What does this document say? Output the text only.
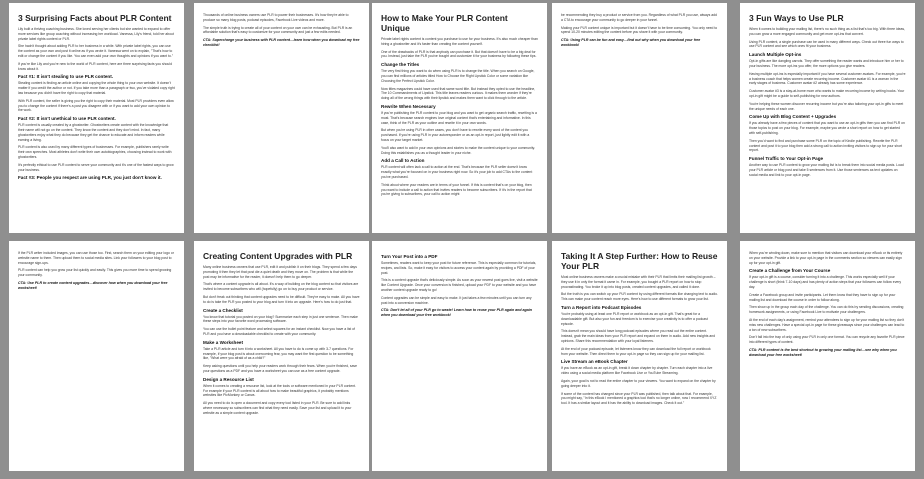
3 Surprising Facts about PLR Content
Lily built a thriving coaching business. She loved serving her clients but she wanted to expand to offer more services like group coaching without increasing her workload. Vanessa, Lily's friend, told her about private label rights content or PLR.
She hadn't thought about adding PLR to her business in a while. With private label rights, you can use the content as your own and post it online as if you wrote it. Vanessa went on to explain, "That's how to edit or change the content if you like. You can even add your own thoughts and opinions if you want to."
If you're like Lily and you're new to the world of PLR content, here are three surprising facts you should know about it.
Fact #1: It isn't stealing to use PLR content.
Stealing content is finding an article online and copying the whole thing to your own website. It doesn't matter if you credit the author or not. If you take more than a paragraph or two, you've violated copy right law because you didn't have the right to copy that material.
With PLR content, the seller is giving you the right to copy their material. Most PLR providers even allow you to change the content if there's a post you disagree with or if you want to add your own opinion to the work.
Fact #2: It isn't unethical to use PLR content.
PLR content is usually created by a ghostwriter. Ghostwriters create content with the knowledge that their name will not go on the content. They know the content and they don't mind. In fact, many ghostwriters enjoy what they do because they get the chance to educate and inform readers while earning a living.
PLR content is also used by many different types of businesses. For example, publishers rarely write their own speeches. Most athletes don't write their own autobiographies, choosing instead to work with ghostwriters.
It's perfectly ethical to use PLR content to serve your community and it's one of the fastest ways to grow your business.
Fact #3: People you respect are using PLR, you just don't know it.
Thousands of online business owners use PLR to power their businesses. It's how they're able to produce so many blog posts, podcast episodes, Facebook Live videos and more.
The simple truth is trying to create all of your content on your own can be exhausting. But PLR is an affordable solution that's easy to customize for your community and just a few edits needed.
CTA: Supercharge your business with PLR content—learn how when you download my free checklist!
How to Make Your PLR Content Unique
Private label rights content is content you purchase to use for your business. It's also much cheaper than hiring a ghostwriter and it's faster than creating the content yourself.
One of the drawbacks of PLR is that anybody can purchase it. But that doesn't have to be a big deal for you. Instead, just take the PLR you've bought and customize it for your business by following these tips.
Change the Titles
The very first thing you want to do when using PLR is to change the title. When you search on Google, you can find millions of articles titled How to Choose the Right Lipstick Color or some variation like Choosing the Perfect Lipstick Color.
Now titles magazines could have used that same word title. But instead they opted to use the headline, The 10 Commandments of Lipstick. This title leaves readers curious. It makes them wonder if they're doing all of the wrong things with their lipstick and makes them want to click through to the article.
Rewrite When Necessary
If you're publishing the PLR content to your blog and you want to get organic search traffic, rewriting is a must. That's because search engines love original content that's entertaining and informative. In this case, think of the PLR as your outline and rewrite it in your own words.
But when you're using PLR in other cases, you don't have to rewrite every word of the content you purchased. If you're using PLR in your autoresponder or as an opt-in report, just lightly edit it with a focus on your target market.
You'll also want to add in your own opinions and stories to make the content unique to your community. Doing this establishes you as a thought leader in your niche.
Add a Call to Action
PLR content will often lack a call to action at the end. That's because the PLR seller doesn't know exactly what you're focused on in your business right now. So it's your job to add CTAs to the content you've purchased.
Think about where your readers are in terms of your funnel. If this is content that's on your blog, then you want to include a call to action that invites readers to become subscribers. If it's in the report that you're giving to subscribers, your call to action might
be recommending they buy a product or service from you. Regardless of what PLR you use, always add a CTA to encourage your community to go deeper in your funnel.
Making your PLR content unique is important but it doesn't have to be time consuming. You only need to spend 10-20 minutes editing the content before you share it with your community.
CTA: Using PLR can be fun and easy—find out why when you download your free workbook!
3 Fun Ways to Use PLR
When it comes to building your mailing list, there's no such thing as a list that's too big. With three ideas, you can grow a more engaged community and get more opt-ins that convert.
Using PLR content, a single purchase can be used in many different ways. Check out three fun ways to use PLR content and see which ones fit your business.
Launch Multiple Opt-ins
Opt-in gifts are like dangling carrots. They offer something the reader wants and introduce him or her to your business. The more opt-ins you offer, the more options you give readers.
Having multiple opt-ins is especially important if you have several customer avatars. For example, you're a business coach that helps women create recurring income. Customer avatar #1 is a woman in the early stages of business. Customer avatar #2 already has some experience.
Customer avatar #3 is a stay-at-home mom who wants to make recurring income by writing books. Your opt-in gift might be a guide to self-publishing for new authors.
You're helping these women discover recurring income but you're also tailoring your opt-in gifts to meet the unique needs of each one.
Come Up with Blog Content + Upgrades
If you already have a few pieces of content that you want to use an opt-in gifts then you can find PLR on those topics to post on your blog. For example, maybe you wrote a short report on how to get started with self-publishing.
Then you'd want to find and purchase some PLR on the topic of Kindle publishing. Rewrite the PLR content and post it to your blog then add a strong call to action inviting visitors to sign up for your short report.
Funnel Traffic to Your Opt-in Page
Another way to use PLR content to grow your mailing list is to break them into social media posts. Load your PLR article or blog post and take 5 sentences from it. Use those sentences as text updates on social media and link to your opt-in page.
If the PLR writer included images, you can use those too. First, search them on your editing your logo or website name to them. Then upload them to social media sites. Link your followers to your blog post to encourage sign-ups.
PLR content can help you grow your list quickly and easily. This gives you more time to spend growing your community.
CTA: Use PLR to create content upgrades—discover how when you download your free worksheet!
Creating Content Upgrades with PLR
Many online business owners that use PLR, edit it and publish it on their blogs. They spend a few days promoting it then they let that post die a quiet death and they move on. The problem is that while the post may be informative for the reader, it doesn't help them to go deeper.
That's where a content upgrade is all about. It's a way of building on the blog content so that visitors are invited to become subscribers who will (hopefully) go on to buy your product or service.
But don't freak out thinking that content upgrades need to be difficult. They're easy to make. All you have to do is take the PLR you posted to your blog and turn it into an upgrade. Here's how to do just that.
Create a Checklist
You know that tutorial you posted on your blog? Summarize each step in just one sentence. Then make these steps into your favorite word processing software.
You can use the bullet point feature and select squares for an instant checklist. Now you have a list of PLR and you have a downloadable checklist to create with your community.
Make a Worksheet
Take a PLR article and turn it into a worksheet. All you have to do is come up with 3-7 questions. For example, if your blog post is about overcoming fear, you may want the first question to be something like, "What were you afraid of as a child?"
Keep asking questions until you help your readers work through their fears. When you're finished, save your questions as a PDF and you have a worksheet you can use as a free content upgrade.
Design a Resource List
When it comes to creating a resource list, look at the tools or software mentioned in your PLR content. For example if your PLR content is all about how to make beautiful graphics, it probably mentions websites like PicMonkey or Canva.
All you need to do is open a document and copy every tool listed in your PLR. Be sure to add links where necessary so subscribers can find what they need easily. Save your list and upload it to your website as a simple content upgrade.
Turn Your Post into a PDF
Sometimes, readers want to keep your post for future reference. This is especially common for tutorials, recipes, and lists. So, make it easy for visitors to access your content again by providing a PDF of your post.
This is a content upgrade that's deliciously simple. As soon as your newest post goes live, visit a website like Content Upgrade. Once your conversion is finished, upload your PDF to your website and you have another content upgrade ready to go!
Content upgrades can be simple and easy to make. It just takes a few minutes until you can turn any post into a conversion machine.
CTA: Don't let all of your PLR go to waste! Learn how to reuse your PLR again and again when you download your free workbook!
Taking It A Step Further: How to Reuse Your PLR
Most online business owners make a crucial mistake with their PLR that limits their mailing list growth – they use it in only the format it came in. For example, you bought a PLR report on how to stop procrastinating. You broke it up into blog posts, created content upgrades, and called it done.
But the truth is you can switch up your PLR content by using different formats like changing text to audio. This can make your content reach more eyes. Here's how to use different formats to grow your list.
Turn a Report into Podcast Episodes
You're probably using at least one PLR report or workbook as an opt-in gift. That's great for a downloadable gift. But also your fun and freedom is to exercise your creativity is to offer a podcast episode.
This doesn't mean you should have long podcast episodes where you read out the entire content. Instead, grab the main ideas from your PLR report and expand on them in audio. Add new insights and opinions. Share this recommendation with your loyal listeners.
At the end of your podcast episode, let listeners know they can download the full report or workbook from your website. Then direct them to your opt-in page so they can sign up for your mailing list.
Live Stream an eBook Chapter
If you have an eBook as an opt-in gift, break it down chapter by chapter. Turn each chapter into a live video using a social media platform like Facebook Live or YouTube Streaming.
Again, your goal is not to read the entire chapter to your viewers. You want to expand on the chapter by going deeper into it.
If some of the content has changed since your PLR was published, then talk about that. For example, you might say, "In this eBook I mentioned a graphics tool that's no longer online, now I recommend XYZ tool. It has a similar layout and it has the ability to download images. Check it out."
When you're winding down, make sure to mention that visitors can download your eBook or its entirety on your website. Provide a link to your opt-in page in the comments section so viewers can easily sign up for your opt-in gift.
Create a Challenge from Your Course
If your opt-in gift is a course, consider turning it into a challenge. This works especially well if your challenge is short (think 7-10 days) and has plenty of action steps that your followers can follow every day.
Create a Facebook group and invite participants. Let them know that they have to sign up for your mailing list and download the course in order to follow along.
Then show up in the group each day of the challenge. You can do this by sending discussions, creating homework assignments, or using Facebook Live to motivate your challengers.
At the end of each day's assignment, remind your attendees to sign up for your mailing list so they don't miss new challenges. Have a special opt-in page for these giveaways since your challenges can lead to a ton of new subscribers.
Don't fall into the trap of only using your PLR in only one format. You can recycle any favorite PLR piece into different types of content.
CTA: PLR content is the best shortcut to growing your mailing list—see why when you download your free worksheet!
